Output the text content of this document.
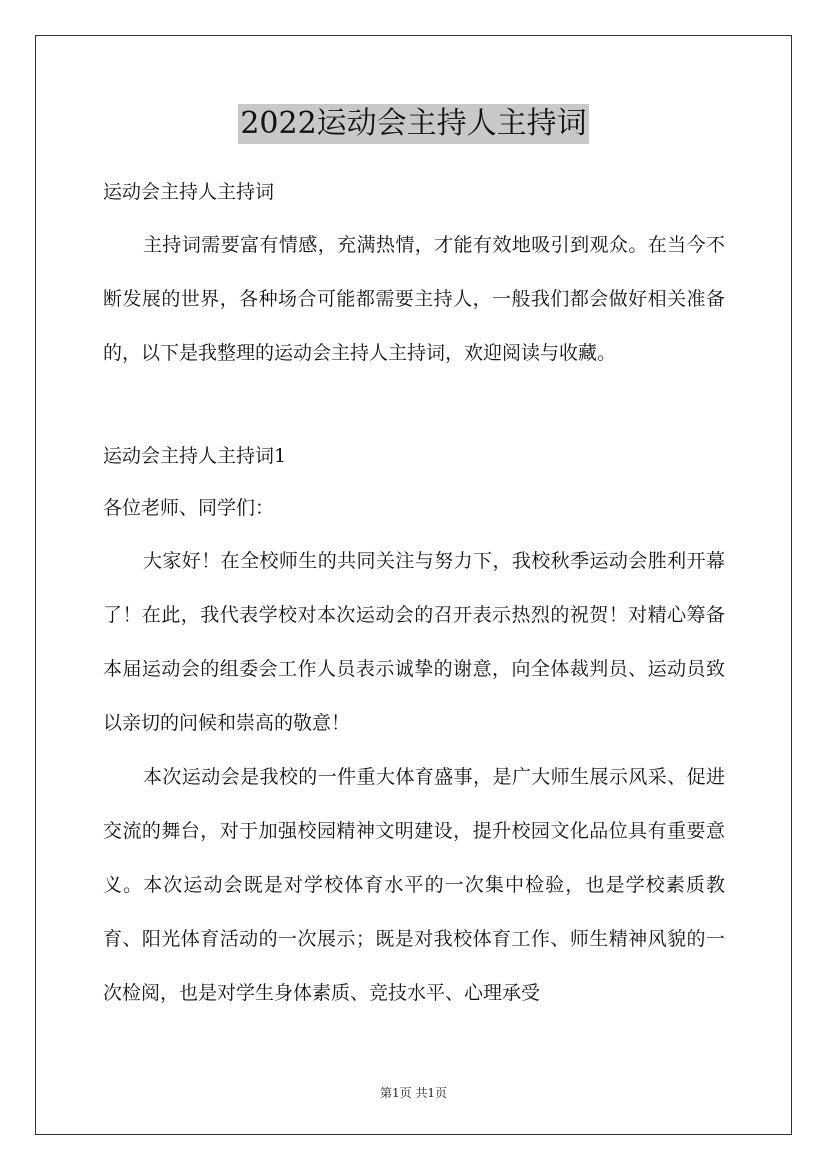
2022运动会主持人主持词

运动会主持人主持词

主持词需要富有情感，充满热情，才能有效地吸引到观众。在当今不断发展的世界，各种场合可能都需要主持人，一般我们都会做好相关准备的，以下是我整理的运动会主持人主持词，欢迎阅读与收藏。

运动会主持人主持词1

各位老师、同学们：

大家好！在全校师生的共同关注与努力下，我校秋季运动会胜利开幕了！在此，我代表学校对本次运动会的召开表示热烈的祝贺！对精心筹备本届运动会的组委会工作人员表示诚挚的谢意，向全体裁判员、运动员致以亲切的问候和崇高的敬意！

本次运动会是我校的一件重大体育盛事，是广大师生展示风采、促进交流的舞台，对于加强校园精神文明建设，提升校园文化品位具有重要意义。本次运动会既是对学校体育水平的一次集中检验，也是学校素质教育、阳光体育活动的一次展示；既是对我校体育工作、师生精神风貌的一次检阅，也是对学生身体素质、竞技水平、心理承受

第1页 共1页
